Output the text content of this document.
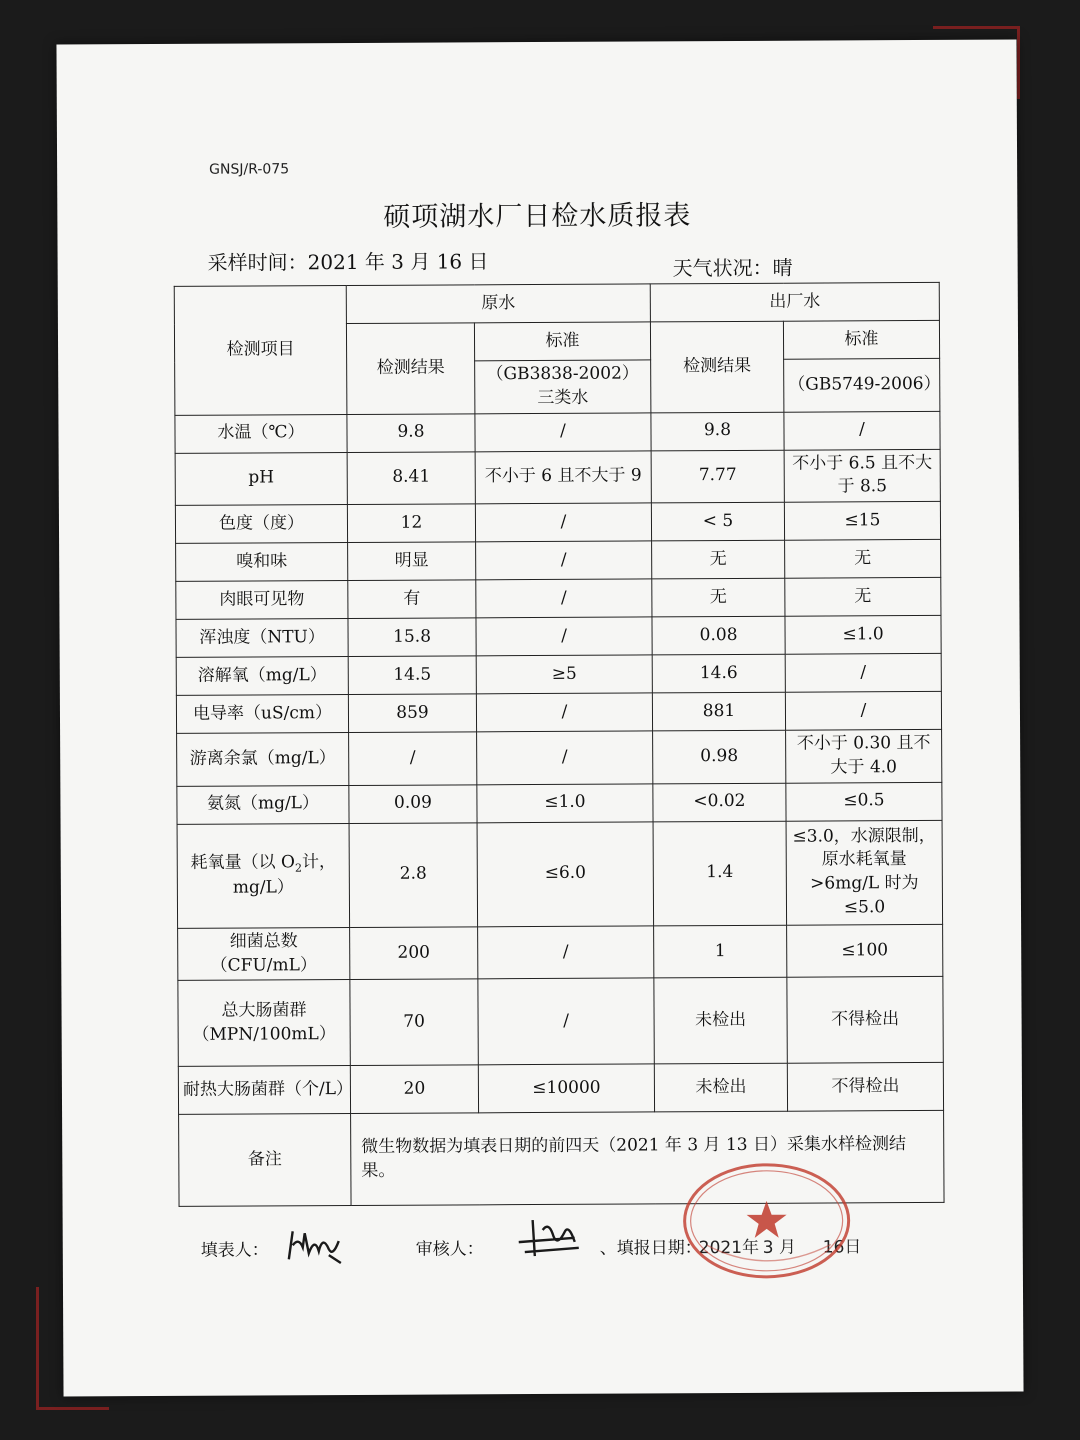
GNSJ/R-075
硕项湖水厂日检水质报表
采样时间：2021 年 3 月 16 日	天气状况：晴
检测项目	原水		出厂水	
	检测结果	标准	检测结果	标准
		（GB3838-2002）三类水		（GB5749-2006）
水温（℃）	9.8	/	9.8	/
pH	8.41	不小于 6 且不大于 9	7.77	不小于 6.5 且不大于 8.5
色度（度）	12	/	< 5	≤15
嗅和味	明显	/	无	无
肉眼可见物	有	/	无	无
浑浊度（NTU）	15.8	/	0.08	≤1.0
溶解氧（mg/L）	14.5	≥5	14.6	/
电导率（uS/cm）	859	/	881	/
游离余氯（mg/L）	/	/	0.98	不小于 0.30 且不大于 4.0
氨氮（mg/L）	0.09	≤1.0	<0.02	≤0.5
耗氧量（以 $O_2$计，mg/L）	2.8	≤6.0	1.4	≤3.0，水源限制，原水耗氧量>6mg/L 时为≤5.0
细菌总数（CFU/mL）	200	/	1	≤100
总大肠菌群（MPN/100mL）	70	/	未检出	不得检出
耐热大肠菌群（个/L）	20	≤10000	未检出	不得检出
备注	微生物数据为填表日期的前四天（2021 年 3 月 13 日）采集水样检测结果。			
填表人：	审核人：	、填报日期：
2021年 3 月 16日
